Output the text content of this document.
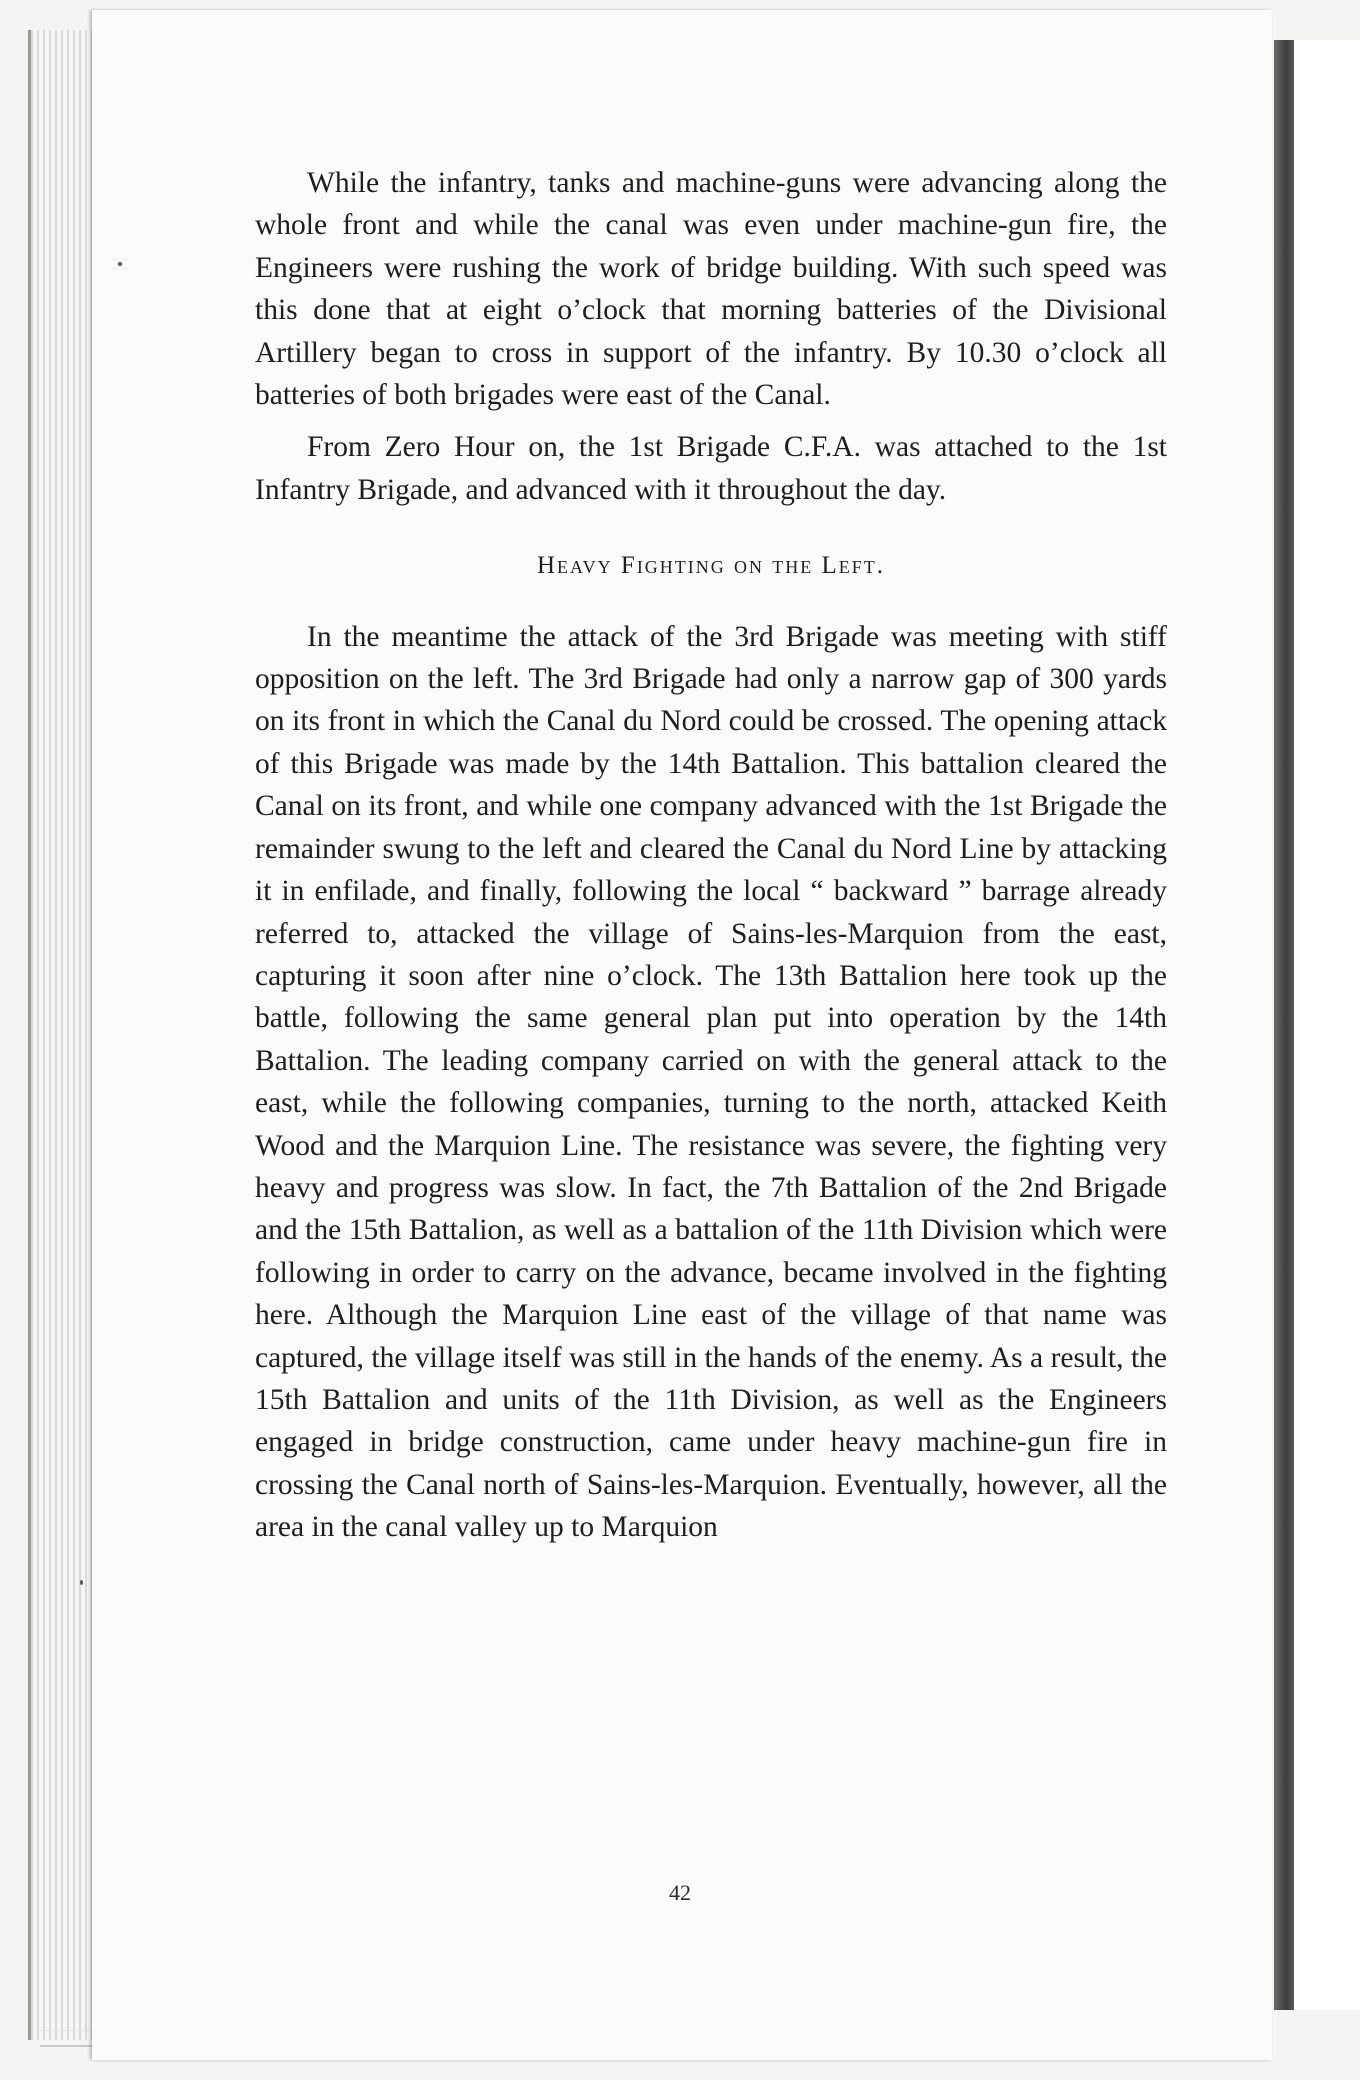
While the infantry, tanks and machine-guns were advancing along the whole front and while the canal was even under machine-gun fire, the Engineers were rushing the work of bridge building. With such speed was this done that at eight o’clock that morning batteries of the Divisional Artillery began to cross in support of the infantry. By 10.30 o’clock all batteries of both brigades were east of the Canal.

From Zero Hour on, the 1st Brigade C.F.A. was attached to the 1st Infantry Brigade, and advanced with it throughout the day.

Heavy Fighting on the Left.

In the meantime the attack of the 3rd Brigade was meeting with stiff opposition on the left. The 3rd Brigade had only a narrow gap of 300 yards on its front in which the Canal du Nord could be crossed. The opening attack of this Brigade was made by the 14th Battalion. This battalion cleared the Canal on its front, and while one company advanced with the 1st Brigade the remainder swung to the left and cleared the Canal du Nord Line by attacking it in enfilade, and finally, following the local “ backward ” barrage already referred to, attacked the village of Sains-les-Marquion from the east, capturing it soon after nine o’clock. The 13th Battalion here took up the battle, following the same general plan put into operation by the 14th Battalion. The leading company carried on with the general attack to the east, while the following companies, turning to the north, attacked Keith Wood and the Marquion Line. The resistance was severe, the fighting very heavy and progress was slow. In fact, the 7th Battalion of the 2nd Brigade and the 15th Battalion, as well as a battalion of the 11th Division which were following in order to carry on the advance, became involved in the fighting here. Although the Marquion Line east of the village of that name was captured, the village itself was still in the hands of the enemy. As a result, the 15th Battalion and units of the 11th Division, as well as the Engineers engaged in bridge construction, came under heavy machine-gun fire in crossing the Canal north of Sains-les-Marquion. Eventually, however, all the area in the canal valley up to Marquion

42
